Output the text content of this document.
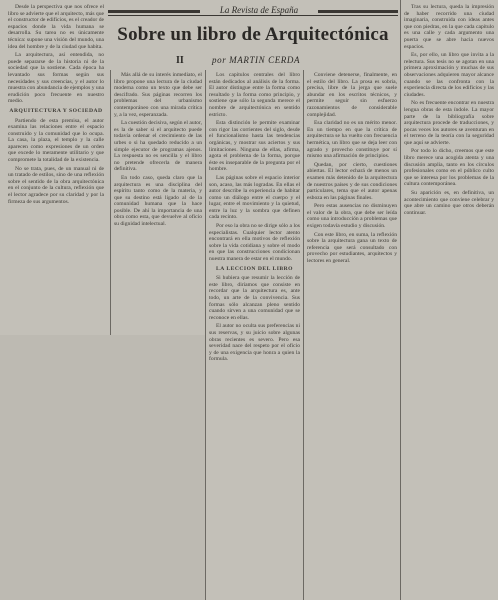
La Revista de España
Sobre un libro de Arquitectónica
II	por MARTIN CERDA
Desde la perspectiva que nos ofrece el libro se advierte que el arquitecto, más que el constructor de edificios, es el creador de espacios donde la vida humana se desarrolla. Su tarea no es únicamente técnica: supone una visión del mundo, una idea del hombre y de la ciudad que habita.
La arquitectura, así entendida, no puede separarse de la historia ni de la sociedad que la sostiene. Cada época ha levantado sus formas según sus necesidades y sus creencias, y el autor lo muestra con abundancia de ejemplos y una erudición poco frecuente en nuestro medio.
ARQUITECTURA Y SOCIEDAD
Partiendo de esta premisa, el autor examina las relaciones entre el espacio construido y la comunidad que lo ocupa. La casa, la plaza, el templo y la calle aparecen como expresiones de un orden que excede lo meramente utilitario y que compromete la totalidad de la existencia.
No se trata, pues, de un manual ni de un tratado de estilos, sino de una reflexión sobre el sentido de la obra arquitectónica en el conjunto de la cultura, reflexión que el lector agradece por su claridad y por la firmeza de sus argumentos.
Más allá de su interés inmediato, el libro propone una lectura de la ciudad moderna como un texto que debe ser descifrado. Sus páginas recorren los problemas del urbanismo contemporáneo con una mirada crítica y, a la vez, esperanzada.
La cuestión decisiva, según el autor, es la de saber si el arquitecto puede todavía ordenar el crecimiento de las urbes o si ha quedado reducido a un simple ejecutor de programas ajenos. La respuesta no es sencilla y el libro no pretende ofrecerla de manera definitiva.
En todo caso, queda claro que la arquitectura es una disciplina del espíritu tanto como de la materia, y que su destino está ligado al de la comunidad humana que la hace posible. De ahí la importancia de una obra como esta, que devuelve al oficio su dignidad intelectual.
Los capítulos centrales del libro están dedicados al análisis de la forma. El autor distingue entre la forma como resultado y la forma como principio, y sostiene que sólo la segunda merece el nombre de arquitectónica en sentido estricto.
Esta distinción le permite examinar con rigor las corrientes del siglo, desde el funcionalismo hasta las tendencias orgánicas, y mostrar sus aciertos y sus limitaciones. Ninguna de ellas, afirma, agota el problema de la forma, porque éste es inseparable de la pregunta por el hombre.
Las páginas sobre el espacio interior son, acaso, las más logradas. En ellas el autor describe la experiencia de habitar como un diálogo entre el cuerpo y el lugar, entre el movimiento y la quietud, entre la luz y la sombra que definen cada recinto.
Por eso la obra no se dirige sólo a los especialistas. Cualquier lector atento encontrará en ella motivos de reflexión sobre la vida cotidiana y sobre el modo en que las construcciones condicionan nuestra manera de estar en el mundo.
LA LECCION DEL LIBRO
Si hubiera que resumir la lección de este libro, diríamos que consiste en recordar que la arquitectura es, ante todo, un arte de la convivencia. Sus formas sólo alcanzan pleno sentido cuando sirven a una comunidad que se reconoce en ellas.
El autor no oculta sus preferencias ni sus reservas, y su juicio sobre algunas obras recientes es severo. Pero esa severidad nace del respeto por el oficio y de una exigencia que honra a quien la formula.
Conviene detenerse, finalmente, en el estilo del libro. La prosa es sobria, precisa, libre de la jerga que suele abundar en los escritos técnicos, y permite seguir sin esfuerzo razonamientos de considerable complejidad.
Esa claridad no es un mérito menor. En un tiempo en que la crítica de arquitectura se ha vuelto con frecuencia hermética, un libro que se deja leer con agrado y provecho constituye por sí mismo una afirmación de principios.
Quedan, por cierto, cuestiones abiertas. El lector echará de menos un examen más detenido de la arquitectura de nuestros países y de sus condiciones particulares, tema que el autor apenas esboza en las páginas finales.
Pero estas ausencias no disminuyen el valor de la obra, que debe ser leída como una introducción a problemas que exigen todavía estudio y discusión.
Con este libro, en suma, la reflexión sobre la arquitectura gana un texto de referencia que será consultado con provecho por estudiantes, arquitectos y lectores en general.
Tras su lectura, queda la impresión de haber recorrido una ciudad imaginaria, construida con ideas antes que con piedras, en la que cada capítulo es una calle y cada argumento una puerta que se abre hacia nuevos espacios.
Es, por ello, un libro que invita a la relectura. Sus tesis no se agotan en una primera aproximación y muchas de sus observaciones adquieren mayor alcance cuando se las confronta con la experiencia directa de los edificios y las ciudades.
No es frecuente encontrar en nuestra lengua obras de esta índole. La mayor parte de la bibliografía sobre arquitectura procede de traducciones, y pocas veces los autores se aventuran en el terreno de la teoría con la seguridad que aquí se advierte.
Por todo lo dicho, creemos que este libro merece una acogida atenta y una discusión amplia, tanto en los círculos profesionales como en el público culto que se interesa por los problemas de la cultura contemporánea.
Su aparición es, en definitiva, un acontecimiento que conviene celebrar y que abre un camino que otros deberán continuar.
